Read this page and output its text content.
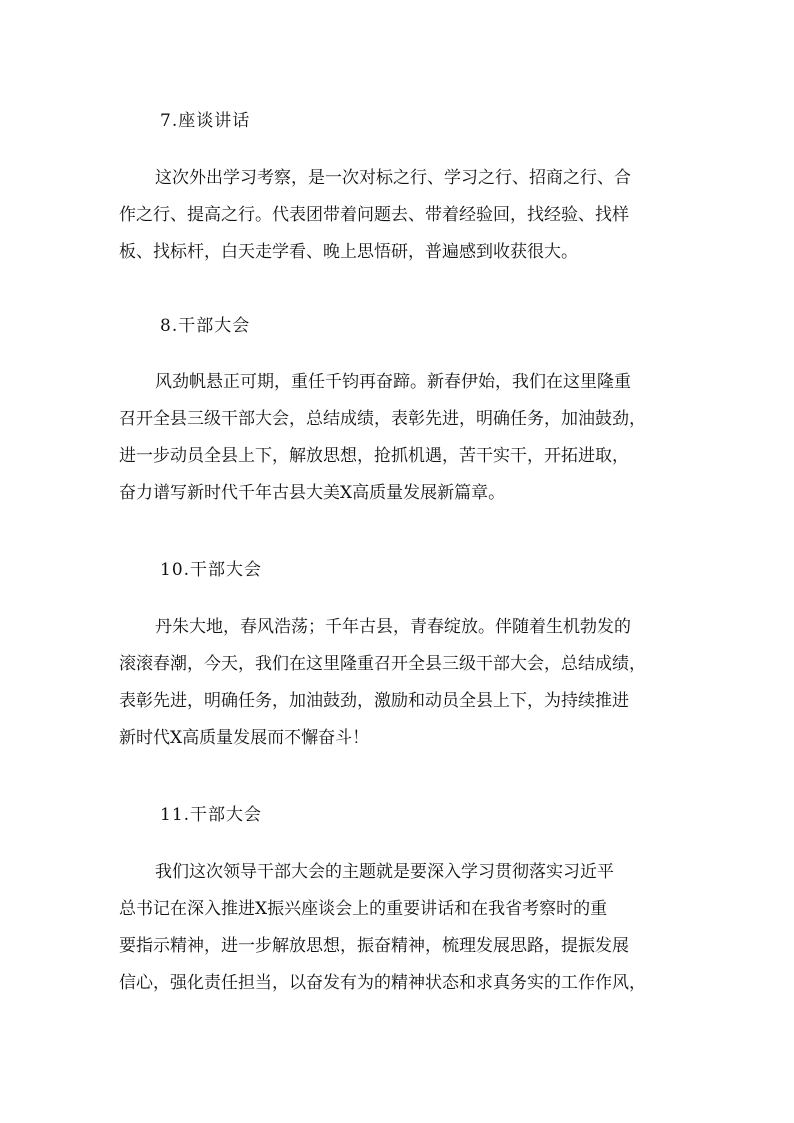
7.座谈讲话
这次外出学习考察，是一次对标之行、学习之行、招商之行、合
作之行、提高之行。代表团带着问题去、带着经验回，找经验、找样
板、找标杆，白天走学看、晚上思悟研，普遍感到收获很大。
8.干部大会
风劲帆悬正可期，重任千钧再奋蹄。新春伊始，我们在这里隆重
召开全县三级干部大会，总结成绩，表彰先进，明确任务，加油鼓劲，
进一步动员全县上下，解放思想，抢抓机遇，苦干实干，开拓进取，
奋力谱写新时代千年古县大美X高质量发展新篇章。
10.干部大会
丹朱大地，春风浩荡；千年古县，青春绽放。伴随着生机勃发的
滚滚春潮，今天，我们在这里隆重召开全县三级干部大会，总结成绩，
表彰先进，明确任务，加油鼓劲，激励和动员全县上下，为持续推进
新时代X高质量发展而不懈奋斗！
11.干部大会
我们这次领导干部大会的主题就是要深入学习贯彻落实习近平
总书记在深入推进X振兴座谈会上的重要讲话和在我省考察时的重
要指示精神，进一步解放思想，振奋精神，梳理发展思路，提振发展
信心，强化责任担当，以奋发有为的精神状态和求真务实的工作作风，
